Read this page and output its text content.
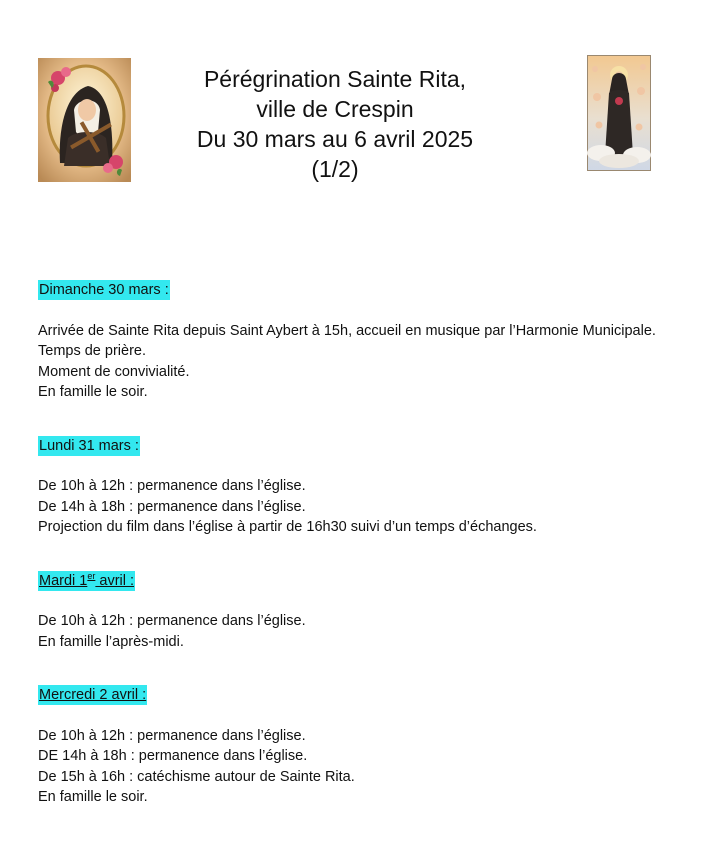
Pérégrination Sainte Rita,
ville de Crespin
Du 30 mars au 6 avril 2025
(1/2)
Dimanche 30 mars :
Arrivée de Sainte Rita depuis Saint Aybert à 15h, accueil en musique par l’Harmonie Municipale.
Temps de prière.
Moment de convivialité.
En famille le soir.
Lundi 31 mars :
De 10h à 12h : permanence dans l’église.
De 14h à 18h : permanence dans l’église.
Projection du film dans l’église à partir de 16h30 suivi d’un temps d’échanges.
Mardi 1er avril :
De 10h à 12h : permanence dans l’église.
En famille l’après-midi.
Mercredi 2 avril :
De 10h à 12h : permanence dans l’église.
DE 14h à 18h : permanence dans l’église.
De 15h à 16h : catéchisme autour de Sainte Rita.
En famille le soir.
